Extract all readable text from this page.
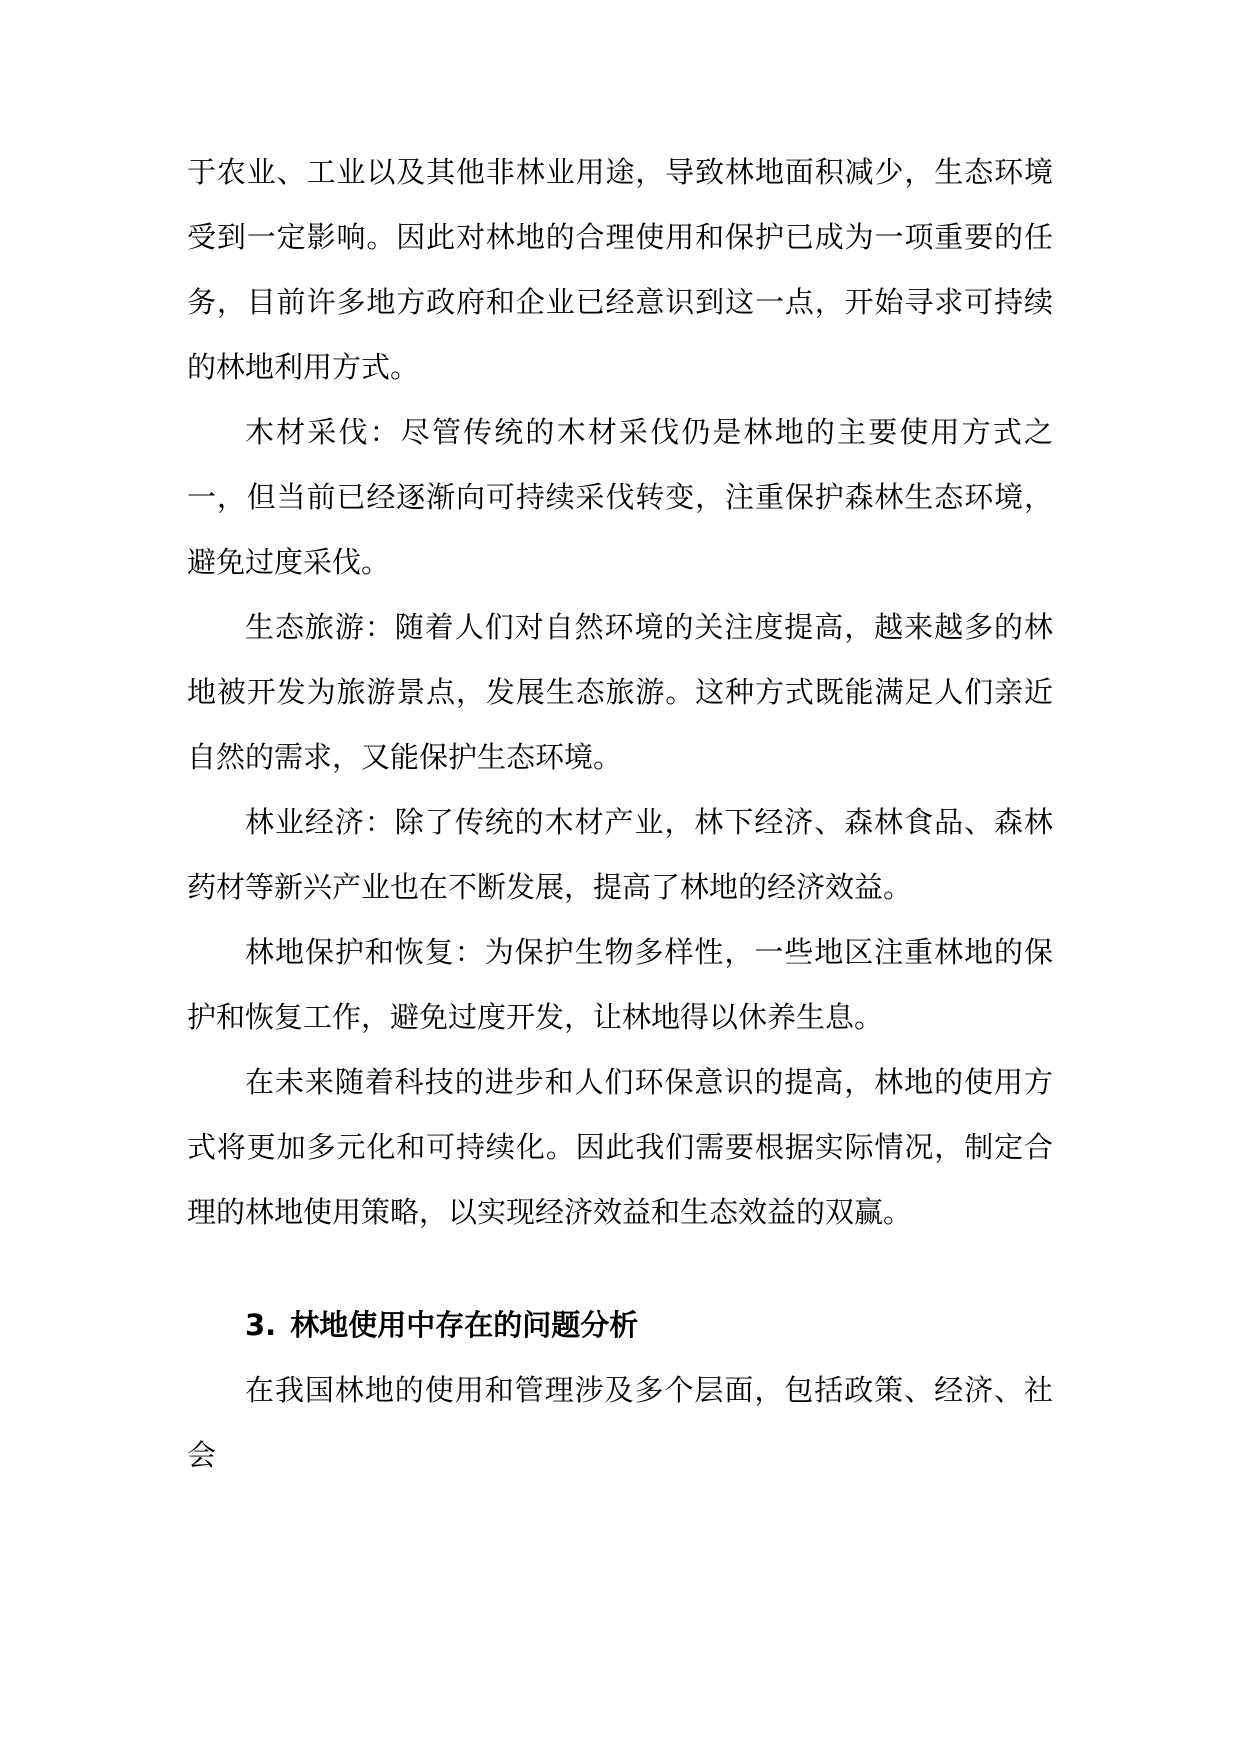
于农业、工业以及其他非林业用途，导致林地面积减少，生态环境受到一定影响。因此对林地的合理使用和保护已成为一项重要的任务，目前许多地方政府和企业已经意识到这一点，开始寻求可持续的林地利用方式。

木材采伐：尽管传统的木材采伐仍是林地的主要使用方式之一，但当前已经逐渐向可持续采伐转变，注重保护森林生态环境，避免过度采伐。

生态旅游：随着人们对自然环境的关注度提高，越来越多的林地被开发为旅游景点，发展生态旅游。这种方式既能满足人们亲近自然的需求，又能保护生态环境。

林业经济：除了传统的木材产业，林下经济、森林食品、森林药材等新兴产业也在不断发展，提高了林地的经济效益。

林地保护和恢复：为保护生物多样性，一些地区注重林地的保护和恢复工作，避免过度开发，让林地得以休养生息。

在未来随着科技的进步和人们环保意识的提高，林地的使用方式将更加多元化和可持续化。因此我们需要根据实际情况，制定合理的林地使用策略，以实现经济效益和生态效益的双赢。

3. 林地使用中存在的问题分析

在我国林地的使用和管理涉及多个层面，包括政策、经济、社会
